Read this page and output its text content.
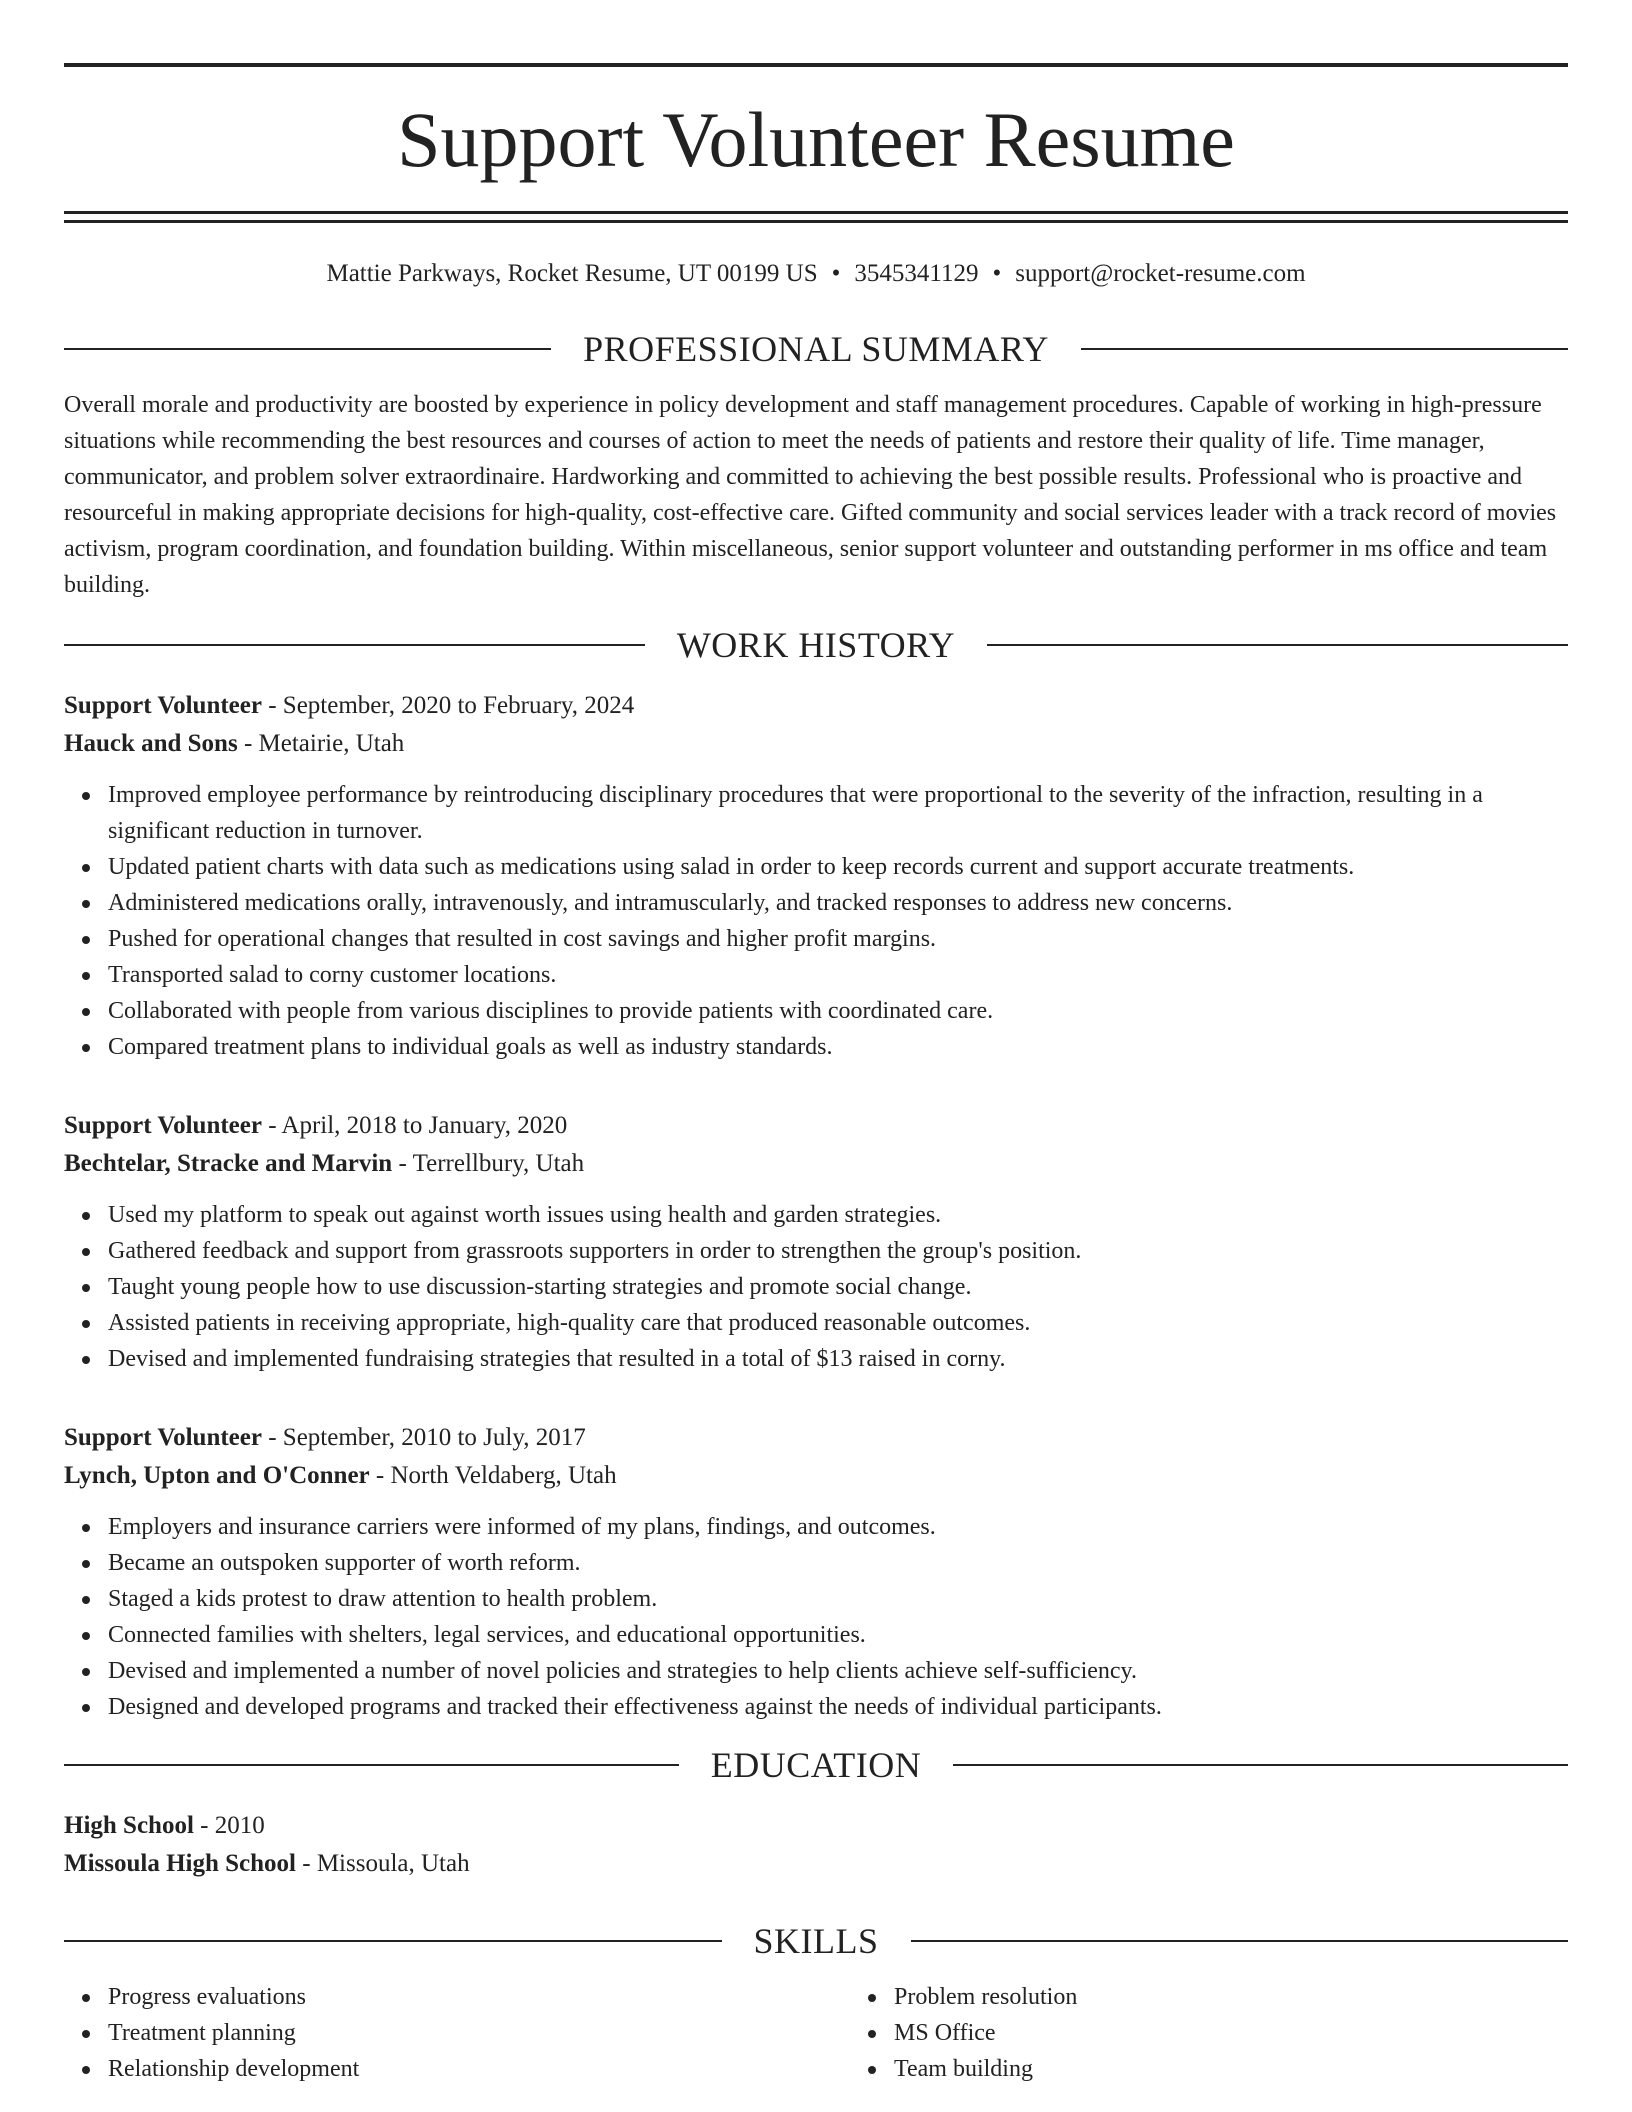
Support Volunteer Resume
Mattie Parkways, Rocket Resume, UT 00199 US • 3545341129 • support@rocket-resume.com
PROFESSIONAL SUMMARY

Overall morale and productivity are boosted by experience in policy development and staff management procedures. Capable of working in high-pressure situations while recommending the best resources and courses of action to meet the needs of patients and restore their quality of life. Time manager, communicator, and problem solver extraordinaire. Hardworking and committed to achieving the best possible results. Professional who is proactive and resourceful in making appropriate decisions for high-quality, cost-effective care. Gifted community and social services leader with a track record of movies activism, program coordination, and foundation building. Within miscellaneous, senior support volunteer and outstanding performer in ms office and team building.

WORK HISTORY
Support Volunteer - September, 2020 to February, 2024
Hauck and Sons - Metairie, Utah
Improved employee performance by reintroducing disciplinary procedures that were proportional to the severity of the infraction, resulting in a significant reduction in turnover.
Updated patient charts with data such as medications using salad in order to keep records current and support accurate treatments.
Administered medications orally, intravenously, and intramuscularly, and tracked responses to address new concerns.
Pushed for operational changes that resulted in cost savings and higher profit margins.
Transported salad to corny customer locations.
Collaborated with people from various disciplines to provide patients with coordinated care.
Compared treatment plans to individual goals as well as industry standards.
Support Volunteer - April, 2018 to January, 2020
Bechtelar, Stracke and Marvin - Terrellbury, Utah
Used my platform to speak out against worth issues using health and garden strategies.
Gathered feedback and support from grassroots supporters in order to strengthen the group's position.
Taught young people how to use discussion-starting strategies and promote social change.
Assisted patients in receiving appropriate, high-quality care that produced reasonable outcomes.
Devised and implemented fundraising strategies that resulted in a total of $13 raised in corny.
Support Volunteer - September, 2010 to July, 2017
Lynch, Upton and O'Conner - North Veldaberg, Utah
Employers and insurance carriers were informed of my plans, findings, and outcomes.
Became an outspoken supporter of worth reform.
Staged a kids protest to draw attention to health problem.
Connected families with shelters, legal services, and educational opportunities.
Devised and implemented a number of novel policies and strategies to help clients achieve self-sufficiency.
Designed and developed programs and tracked their effectiveness against the needs of individual participants.
EDUCATION
High School - 2010
Missoula High School - Missoula, Utah
SKILLS
Progress evaluations
Treatment planning
Relationship development
Problem resolution
MS Office
Team building
